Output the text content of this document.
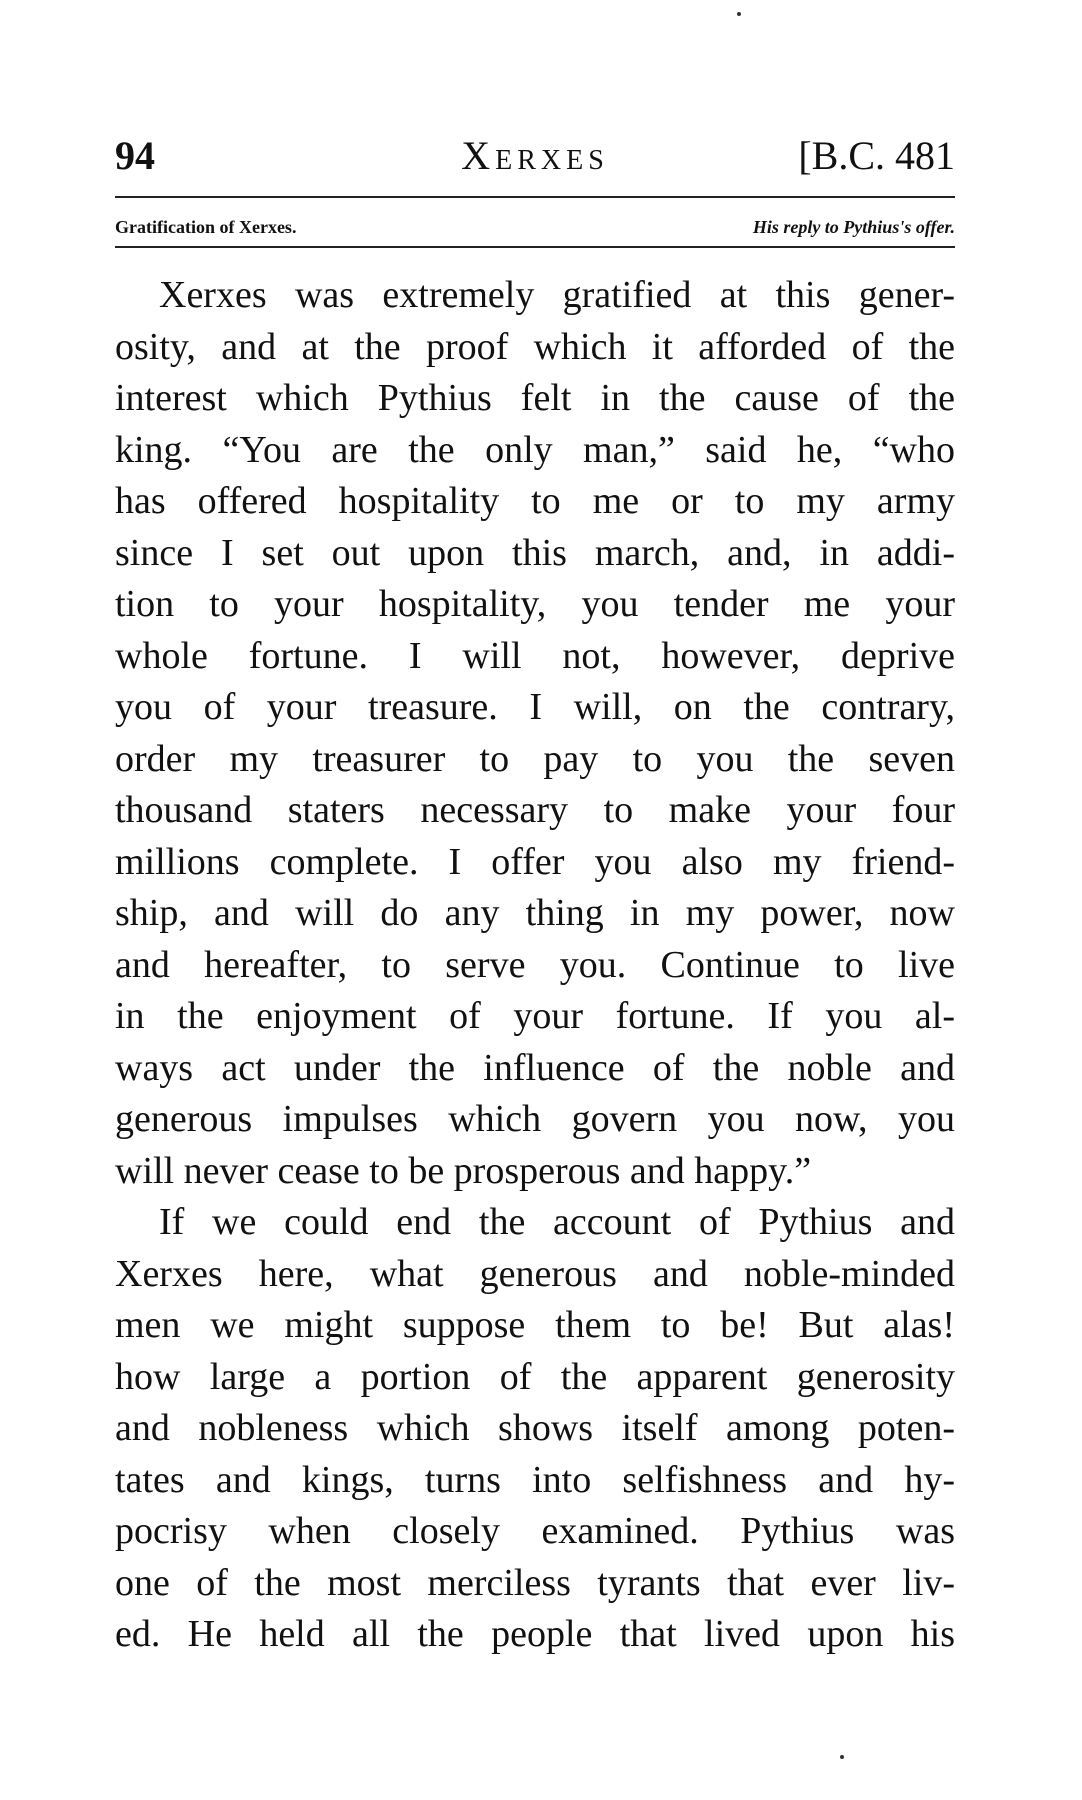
94	Xerxes	[B.C. 481
Gratification of Xerxes.	His reply to Pythius's offer.
Xerxes was extremely gratified at this gener-
osity, and at the proof which it afforded of the
interest which Pythius felt in the cause of the
king. “You are the only man,” said he, “who
has offered hospitality to me or to my army
since I set out upon this march, and, in addi-
tion to your hospitality, you tender me your
whole fortune. I will not, however, deprive
you of your treasure. I will, on the contrary,
order my treasurer to pay to you the seven
thousand staters necessary to make your four
millions complete. I offer you also my friend-
ship, and will do any thing in my power, now
and hereafter, to serve you. Continue to live
in the enjoyment of your fortune. If you al-
ways act under the influence of the noble and
generous impulses which govern you now, you
will never cease to be prosperous and happy.”
If we could end the account of Pythius and
Xerxes here, what generous and noble-minded
men we might suppose them to be! But alas!
how large a portion of the apparent generosity
and nobleness which shows itself among poten-
tates and kings, turns into selfishness and hy-
pocrisy when closely examined. Pythius was
one of the most merciless tyrants that ever liv-
ed. He held all the people that lived upon his
